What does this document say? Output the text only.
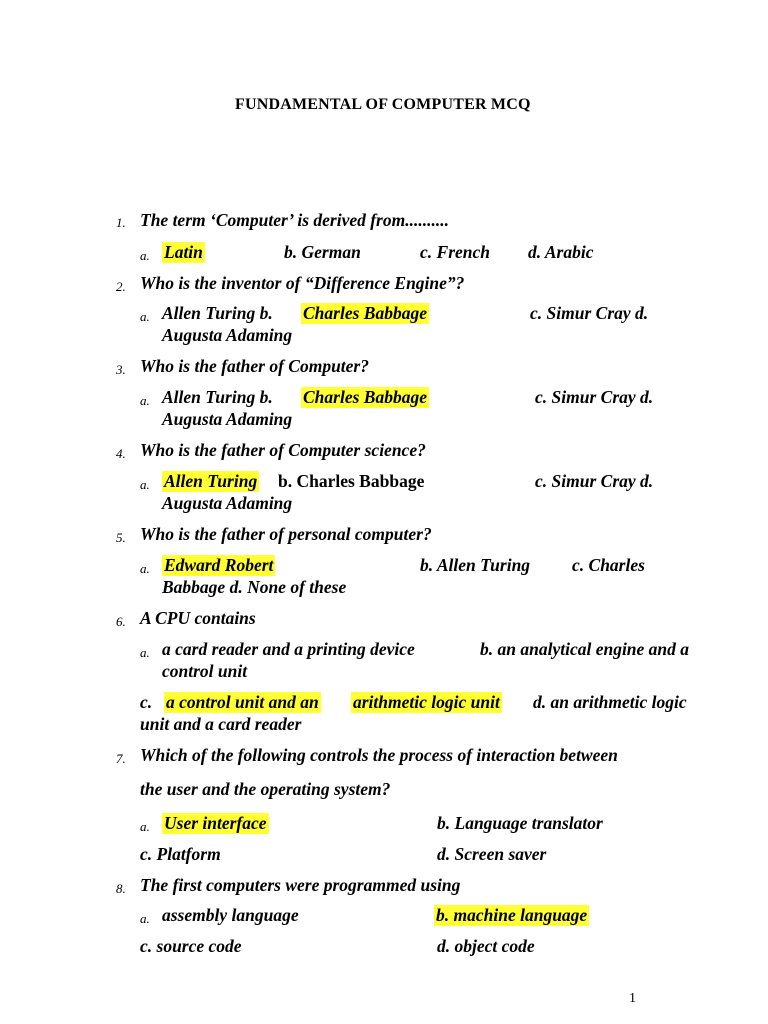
FUNDAMENTAL OF COMPUTER MCQ
1. The term ‘Computer’ is derived from..........
a. Latin	b. German	c. French d. Arabic
2. Who is the inventor of “Difference Engine”?
a. Allen Turing b. Charles Babbage	c. Simur Cray d.
Augusta Adaming
3. Who is the father of Computer?
a. Allen Turing b. Charles Babbage	c. Simur Cray d.
Augusta Adaming
4. Who is the father of Computer science?
a. Allen Turing b. Charles Babbage	c. Simur Cray d.
Augusta Adaming
5. Who is the father of personal computer?
a. Edward Robert	b. Allen Turing c. Charles
Babbage d. None of these
6. A CPU contains
a. a card reader and a printing device	b. an analytical engine and a
control unit
c. a control unit and an arithmetic logic unit d. an arithmetic logic
unit and a card reader
7. Which of the following controls the process of interaction between
the user and the operating system?
a. User interface	b. Language translator
c. Platform	d. Screen saver
8. The first computers were programmed using
a. assembly language	b. machine language
c. source code	d. object code
1
